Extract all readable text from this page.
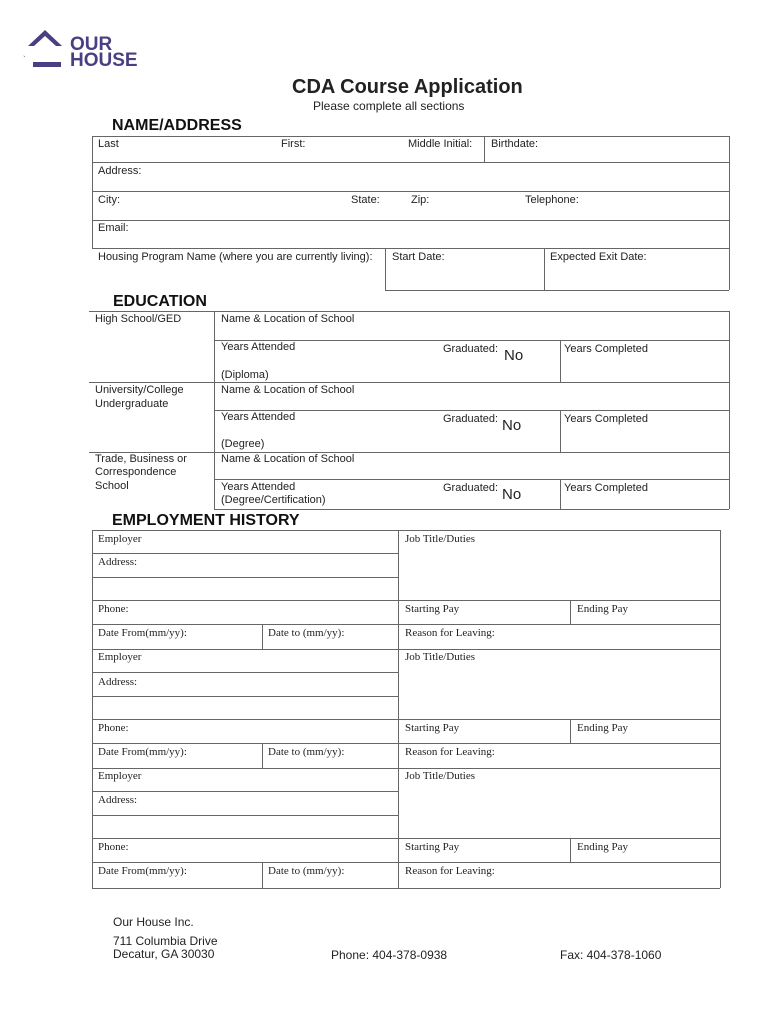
`
OUR
HOUSE
CDA Course Application
Please complete all sections
NAME/ADDRESS
Last	First:	Middle Initial: Birthdate:
Address:
City:	State:	Zip:	Telephone:
Email:
Housing Program Name (where you are currently living): Start Date:	Expected Exit Date:
EDUCATION
High School/GED	Name & Location of School
Years Attended	Graduated: No	Years Completed
(Diploma)
University/College
Undergraduate
Name & Location of School
Years Attended	Graduated: No	Years Completed
(Degree)
Trade, Business or
Correspondence
School
Name & Location of School
Years Attended
(Degree/Certification)
Graduated: No	Years Completed
EMPLOYMENT HISTORY
Employer	Job Title/Duties
Address:
Phone:	Starting Pay	Ending Pay
Date From(mm/yy):	Date to (mm/yy):	Reason for Leaving:
Employer	Job Title/Duties
Address:
Phone:	Starting Pay	Ending Pay
Date From(mm/yy):	Date to (mm/yy):	Reason for Leaving:
Employer	Job Title/Duties
Address:
Phone:	Starting Pay	Ending Pay
Date From(mm/yy):	Date to (mm/yy):	Reason for Leaving:
Our House Inc.
711 Columbia Drive
Decatur, GA 30030	Phone: 404-378-0938	Fax: 404-378-1060
